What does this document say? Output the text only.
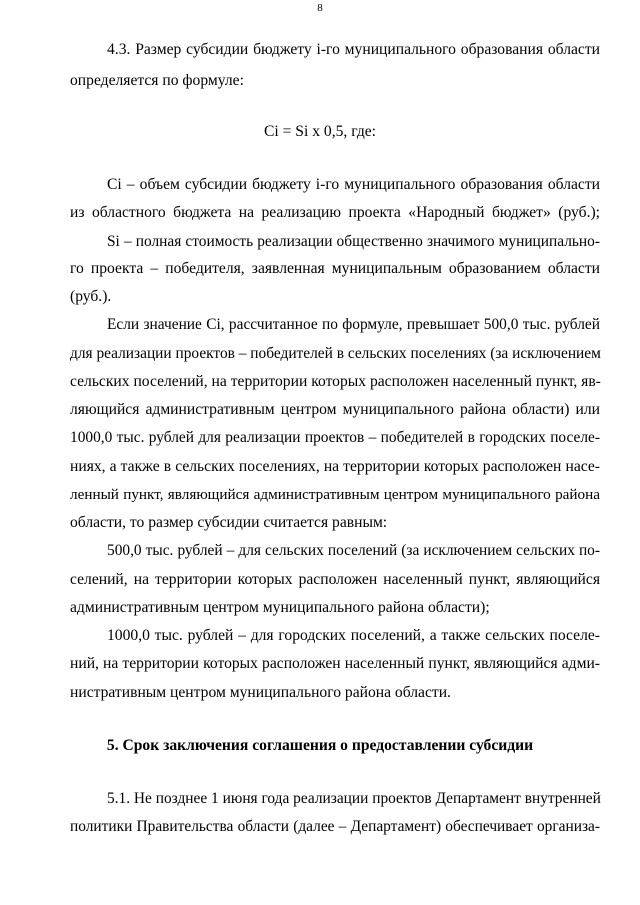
8
4.3. Размер субсидии бюджету i-го муниципального образования области
определяется по формуле:
Ci = Si x 0,5, где:
Ci – объем субсидии бюджету i-го муниципального образования области
из областного бюджета на реализацию проекта «Народный бюджет» (руб.);
Si – полная стоимость реализации общественно значимого муниципально-
го проекта – победителя, заявленная муниципальным образованием области
(руб.).
Если значение Ci, рассчитанное по формуле, превышает 500,0 тыс. рублей
для реализации проектов – победителей в сельских поселениях (за исключением
сельских поселений, на территории которых расположен населенный пункт, яв-
ляющийся административным центром муниципального района области) или
1000,0 тыс. рублей для реализации проектов – победителей в городских поселе-
ниях, а также в сельских поселениях, на территории которых расположен насе-
ленный пункт, являющийся административным центром муниципального района
области, то размер субсидии считается равным:
500,0 тыс. рублей – для сельских поселений (за исключением сельских по-
селений, на территории которых расположен населенный пункт, являющийся
административным центром муниципального района области);
1000,0 тыс. рублей – для городских поселений, а также сельских поселе-
ний, на территории которых расположен населенный пункт, являющийся адми-
нистративным центром муниципального района области.
5. Срок заключения соглашения о предоставлении субсидии
5.1. Не позднее 1 июня года реализации проектов Департамент внутренней
политики Правительства области (далее – Департамент) обеспечивает организа-
